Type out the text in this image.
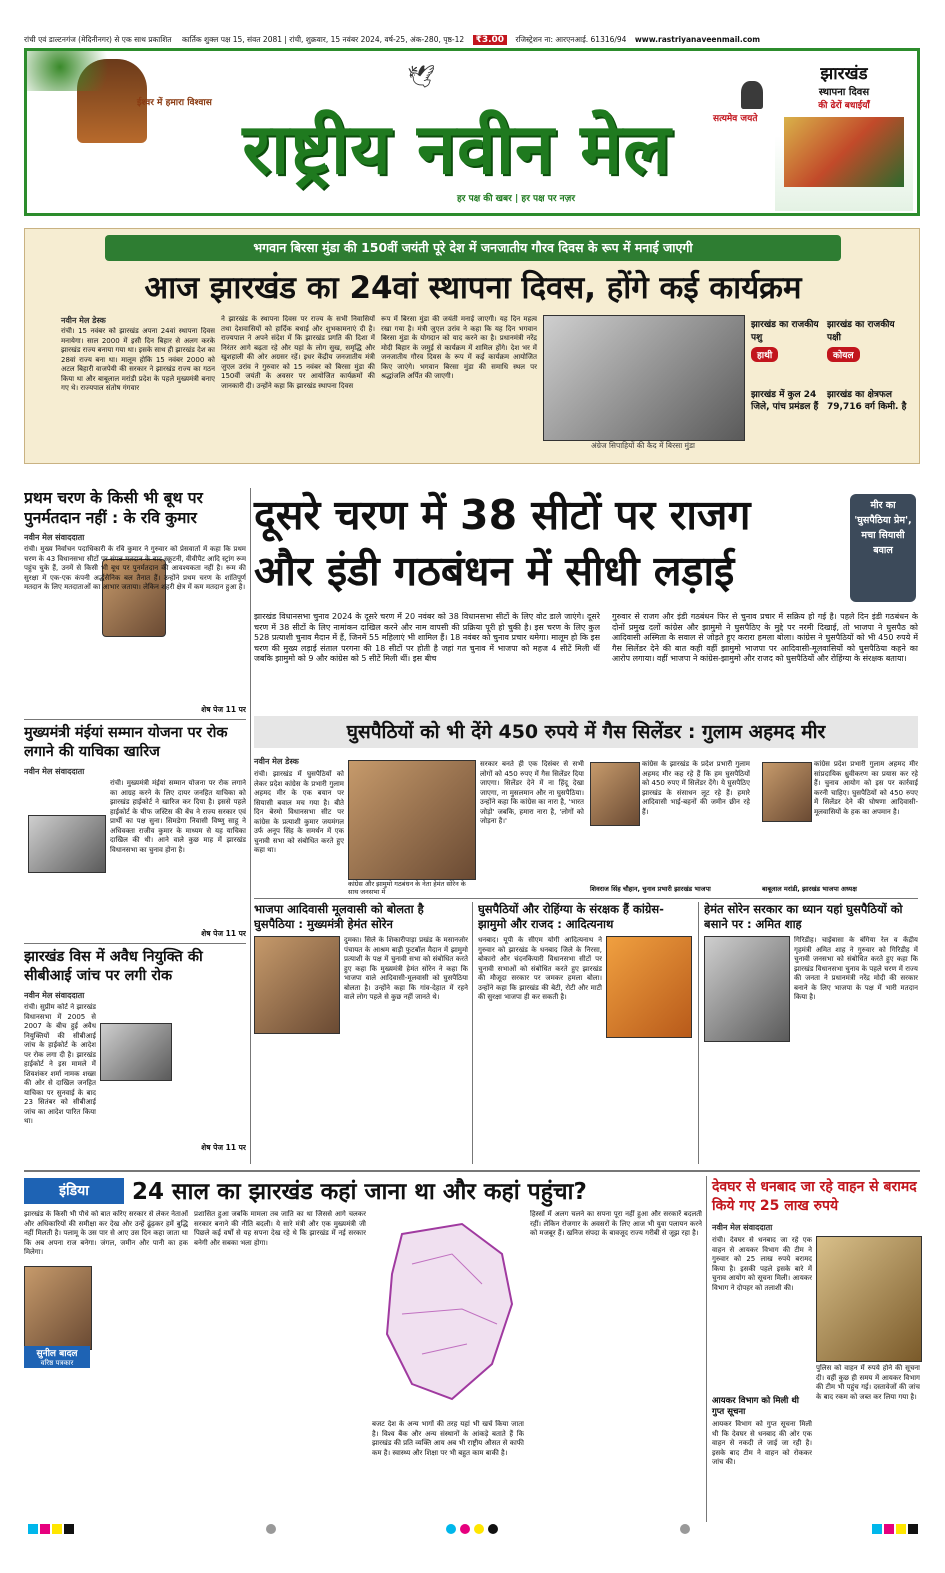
रांची एवं डाल्टनगंज (मेदिनीनगर) से एक साथ प्रकाशित कार्तिक शुक्ल पक्ष 15, संवत 2081 | रांची, शुक्रवार, 15 नवंबर 2024, वर्ष-25, अंक-280, पृष्ठ-12 ₹3.00 रजिस्ट्रेशन ना: आरएनआई. 61316/94 www.rastriyanaveenmail.com
ईश्वर में हमारा विश्वास
राष्ट्रीय नवीन मेल
🕊
सत्यमेव जयते
झारखंड
स्थापना दिवस
की ढेरों बधाईयाँ
हर पक्ष की खबर | हर पक्ष पर नज़र
भगवान बिरसा मुंडा की 150वीं जयंती पूरे देश में जनजातीय गौरव दिवस के रूप में मनाई जाएगी
आज झारखंड का 24वां स्थापना दिवस, होंगे कई कार्यक्रम
नवीन मेल डेस्क
रांची। 15 नवंबर को झारखंड अपना 24वां स्थापना दिवस मनायेगा। साल 2000 में इसी दिन बिहार से अलग करके झारखंड राज्य बनाया गया था। इसके साथ ही झारखंड देश का 28वां राज्य बना था। मालूम होकि 15 नवंबर 2000 को अटल बिहारी वाजपेयी की सरकार ने झारखंड राज्य का गठन किया था और बाबूलाल मरांडी प्रदेश के पहले मुख्यमंत्री बनाए गए थे। राज्यपाल संतोष गंगवार
ने झारखंड के स्थापना दिवस पर राज्य के सभी निवासियों तथा देशवासियों को हार्दिक बधाई और शुभकामनाएं दी है। राज्यपाल ने अपने संदेश में कि झारखंड प्रगति की दिशा में निरंतर आगे बढ़ता रहे और यहां के लोग सुख, समृद्धि और खुशहाली की ओर अग्रसर रहें। इधर केंद्रीय जनजातीय मंत्री जुएल उरांव ने गुरुवार को 15 नवंबर को बिरसा मुंडा की 150वीं जयंती के अवसर पर आयोजित कार्यक्रमों की जानकारी दी। उन्होंने कहा कि झारखंड स्थापना दिवस
रूप में बिरसा मुंडा की जयंती मनाई जाएगी। यह दिन महत्व रखा गया है। मंत्री जुएल उरांव ने कहा कि यह दिन भगवान बिरसा मुंडा के योगदान को याद करने का है। प्रधानमंत्री नरेंद्र मोदी बिहार के जमुई से कार्यक्रम में शामिल होंगे। देश भर में जनजातीय गौरव दिवस के रूप में कई कार्यक्रम आयोजित किए जाएंगे। भगवान बिरसा मुंडा की समाधि स्थल पर श्रद्धांजलि अर्पित की जाएगी।
अंग्रेज सिपाहियों की कैद में बिरसा मुंडा
झारखंड का राजकीय पशु
हाथी
झारखंड का राजकीय पक्षी
कोयल
झारखंड में कुल 24 जिले, पांच प्रमंडल हैं
झारखंड का क्षेत्रफल 79,716 वर्ग किमी. है
प्रथम चरण के किसी भी बूथ पर पुनर्मतदान नहीं : के रवि कुमार
नवीन मेल संवाददाता
रांची। मुख्य निर्वाचन पदाधिकारी के रवि कुमार ने गुरुवार को प्रेसवार्ता में कहा कि प्रथम चरण के 43 विधानसभा सीटों पर संपन्न मतदान के बाद स्क्रूटनी, वीवीपैट आदि स्ट्रांग रूम पहुंच चुके हैं, उनमें से किसी भी बूथ पर पुनर्मतदान की आवश्यकता नहीं है। रूम की सुरक्षा में एक-एक कंपनी अर्द्धसैनिक बल तैनात हैं। उन्होंने प्रथम चरण के शांतिपूर्ण मतदान के लिए मतदाताओं का आभार जताया। लेकिन शहरी क्षेत्र में कम मतदान हुआ है।
शेष पेज 11 पर
मुख्यमंत्री मंईयां सम्मान योजना पर रोक लगाने की याचिका खारिज
नवीन मेल संवाददाता
रांची। मुख्यमंत्री मंईयां सम्मान योजना पर रोक लगाने का आग्रह करने के लिए दायर जनहित याचिका को झारखंड हाईकोर्ट ने खारिज कर दिया है। इससे पहले हाईकोर्ट के चीफ जस्टिस की बेंच ने राज्य सरकार एवं प्रार्थी का पक्ष सुना। सिमडेगा निवासी विष्णु साहू ने अधिवक्ता राजीव कुमार के माध्यम से यह याचिका दाखिल की थी। आने वाले कुछ माह में झारखंड विधानसभा का चुनाव होना है।
शेष पेज 11 पर
झारखंड विस में अवैध नियुक्ति की सीबीआई जांच पर लगी रोक
नवीन मेल संवाददाता
रांची। सुप्रीम कोर्ट ने झारखंड विधानसभा में 2005 से 2007 के बीच हुई अवैध नियुक्तियों की सीबीआई जांच के हाईकोर्ट के आदेश पर रोक लगा दी है। झारखंड हाईकोर्ट ने इस मामले में शिवशंकर शर्मा नामक शख्स की ओर से दाखिल जनहित याचिका पर सुनवाई के बाद 23 सितंबर को सीबीआई जांच का आदेश पारित किया था।
शेष पेज 11 पर
दूसरे चरण में 38 सीटों पर राजग
और इंडी गठबंधन में सीधी लड़ाई
मीर का 'घुसपैठिया प्रेम', मचा सियासी बवाल
झारखंड विधानसभा चुनाव 2024 के दूसरे चरण में 20 नवंबर को 38 विधानसभा सीटों के लिए वोट डाले जाएंगे। दूसरे चरण में 38 सीटों के लिए नामांकन दाखिल करने और नाम वापसी की प्रक्रिया पूरी हो चुकी है। इस चरण के लिए कुल 528 प्रत्याशी चुनाव मैदान में हैं, जिनमें 55 महिलाएं भी शामिल हैं। 18 नवंबर को चुनाव प्रचार थमेगा। मालूम हो कि इस चरण की मुख्य लड़ाई संताल परगना की 18 सीटों पर होती है जहां गत चुनाव में भाजपा को महज 4 सीटें मिली थीं जबकि झामुमो को 9 और कांग्रेस को 5 सीटें मिली थीं। इस बीच
गुरुवार से राजग और इंडी गठबंधन फिर से चुनाव प्रचार में सक्रिय हो गई है। पहले दिन इंडी गठबंधन के दोनों प्रमुख दलों कांग्रेस और झामुमो ने घुसपैठिए के मुद्दे पर नरमी दिखाई, तो भाजपा ने घुसपैठ को आदिवासी अस्मिता के सवाल से जोड़ते हुए करारा हमला बोला। कांग्रेस ने घुसपैठियों को भी 450 रुपये में गैस सिलेंडर देने की बात कही वहीं झामुमो भाजपा पर आदिवासी-मूलवासियों को घुसपैठिया कहने का आरोप लगाया। वहीं भाजपा ने कांग्रेस-झामुमो और राजद को घुसपैठियों और रोहिंग्या के संरक्षक बताया।
घुसपैठियों को भी देंगे 450 रुपये में गैस सिलेंडर : गुलाम अहमद मीर
नवीन मेल डेस्क
रांची। झारखंड में घुसपैठियों को लेकर प्रदेश कांग्रेस के प्रभारी गुलाम अहमद मीर के एक बयान पर सियासी बवाल मच गया है। बीते दिन बेरमो विधानसभा सीट पर कांग्रेस के प्रत्याशी कुमार जयमंगल उर्फ अनूप सिंह के समर्थन में एक चुनावी सभा को संबोधित करते हुए कहा था।
कांग्रेस और झामुमो गठबंधन के नेता हेमंत सोरेन के साथ जनसभा में
सरकार बनते ही एक दिसंबर से सभी लोगों को 450 रुपए में गैस सिलेंडर दिया जाएगा। सिलेंडर देने में ना हिंदू देखा जाएगा, ना मुसलमान और ना घुसपैठिया। उन्होंने कहा कि कांग्रेस का नारा है, 'भारत जोड़ो' जबकि, हमारा नारा है, 'लोगों को जोड़ना है।'
कांग्रेस के झारखंड के प्रदेश प्रभारी गुलाम अहमद मीर कह रहे हैं कि हम घुसपैठियों को 450 रुपए में सिलेंडर देंगे। ये घुसपैठिए झारखंड के संसाधन लूट रहे हैं। हमारे आदिवासी भाई-बहनों की जमीन छीन रहे हैं।
शिवराज सिंह चौहान, चुनाव प्रभारी झारखंड भाजपा
कांग्रेस प्रदेश प्रभारी गुलाम अहमद मीर सांप्रदायिक ध्रुवीकरण का प्रयास कर रहे हैं। चुनाव आयोग को इस पर कार्रवाई करनी चाहिए। घुसपैठियों को 450 रुपए में सिलेंडर देने की घोषणा आदिवासी-मूलवासियों के हक का अपमान है।
बाबूलाल मरांडी, झारखंड भाजपा अध्यक्ष
भाजपा आदिवासी मूलवासी को बोलता है घुसपैठिया : मुख्यमंत्री हेमंत सोरेन
दुमका। सिले के शिकारीपाड़ा प्रखंड के मसानजोर पंचायत के आश्रम बाड़ी फुटबॉल मैदान में झामुमो प्रत्याशी के पक्ष में चुनावी सभा को संबोधित करते हुए कहा कि मुख्यमंत्री हेमंत सोरेन ने कहा कि भाजपा वाले आदिवासी-मूलवासी को घुसपैठिया बोलता है। उन्होंने कहा कि गांव-देहात में रहने वाले लोग पहले से कुछ नहीं जानते थे।
घुसपैठियों और रोहिंग्या के संरक्षक हैं कांग्रेस-झामुमो और राजद : आदित्यनाथ
धनबाद। यूपी के सीएम योगी आदित्यनाथ ने गुरुवार को झारखंड के धनबाद जिले के निरसा, बोकारो और चंदनकियारी विधानसभा सीटों पर चुनावी सभाओं को संबोधित करते हुए झारखंड की मौजूदा सरकार पर जमकर हमला बोला। उन्होंने कहा कि झारखंड की बेटी, रोटी और माटी की सुरक्षा भाजपा ही कर सकती है।
हेमंत सोरेन सरकार का ध्यान यहां घुसपैठियों को बसाने पर : अमित शाह
गिरिडीह। चाईबासा के बंगिया रेल व केंद्रीय गृहमंत्री अमित शाह ने गुरुवार को गिरिडीह में चुनावी जनसभा को संबोधित करते हुए कहा कि झारखंड विधानसभा चुनाव के पहले चरण में राज्य की जनता ने प्रधानमंत्री नरेंद्र मोदी की सरकार बनाने के लिए भाजपा के पक्ष में भारी मतदान किया है।
इंडिया	24 साल का झारखंड कहां जाना था और कहां पहुंचा?
झारखंड के किसी भी पौधे को बात करिए सरकार से लेकर नेताओं और अधिकारियों की समीक्षा कर देख और उन्हें ढूंढ़कर हमें बुद्धि नहीं मिलती है। पलामू के उस पार से आए उस दिन कहा जाता था कि अब अपना राज बनेगा। जंगल, जमीन और पानी का हक मिलेगा।
सुनील बादल
वरिष्ठ पत्रकार
प्रशासित हुआ जबकि मामला तब जाति का था जिससे आगे चलकर सरकार बनाने की नीति बदली। ये सारे मंत्री और एक मुख्यमंत्री जी पिछले कई वर्षों से यह सपना देख रहे थे कि झारखंड में नई सरकार बनेगी और सबका भला होगा।
हिस्सों में अलग चलने का सपना पूरा नहीं हुआ और सरकारें बदलती रहीं। लेकिन रोजगार के अवसरों के लिए आज भी युवा पलायन करने को मजबूर हैं। खनिज संपदा के बावजूद राज्य गरीबी से जूझ रहा है।
बजट देश के अन्य भागों की तरह यहां भी खर्च किया जाता है। विश्व बैंक और अन्य संस्थानों के आंकड़े बताते हैं कि झारखंड की प्रति व्यक्ति आय अब भी राष्ट्रीय औसत से काफी कम है। स्वास्थ्य और शिक्षा पर भी बहुत काम बाकी है।
देवघर से धनबाद जा रहे वाहन से बरामद किये गए 25 लाख रुपये
नवीन मेल संवाददाता
रांची। देवघर से धनबाद जा रहे एक वाहन से आयकर विभाग की टीम ने गुरुवार को 25 लाख रुपये बरामद किया है। इसकी पहले इसके बारे में चुनाव आयोग को सूचना मिली। आयकर विभाग ने दोपहर को तलाशी की।
पुलिस को वाहन में रुपये होने की सूचना दी। वहीं कुछ ही समय में आयकर विभाग की टीम भी पहुंच गई। दस्तावेजों की जांच के बाद रकम को जब्त कर लिया गया है।
आयकर विभाग को मिली थी गुप्त सूचना
आयकर विभाग को गुप्त सूचना मिली थी कि देवघर से धनबाद की ओर एक वाहन से नकदी ले जाई जा रही है। इसके बाद टीम ने वाहन को रोककर जांच की।
